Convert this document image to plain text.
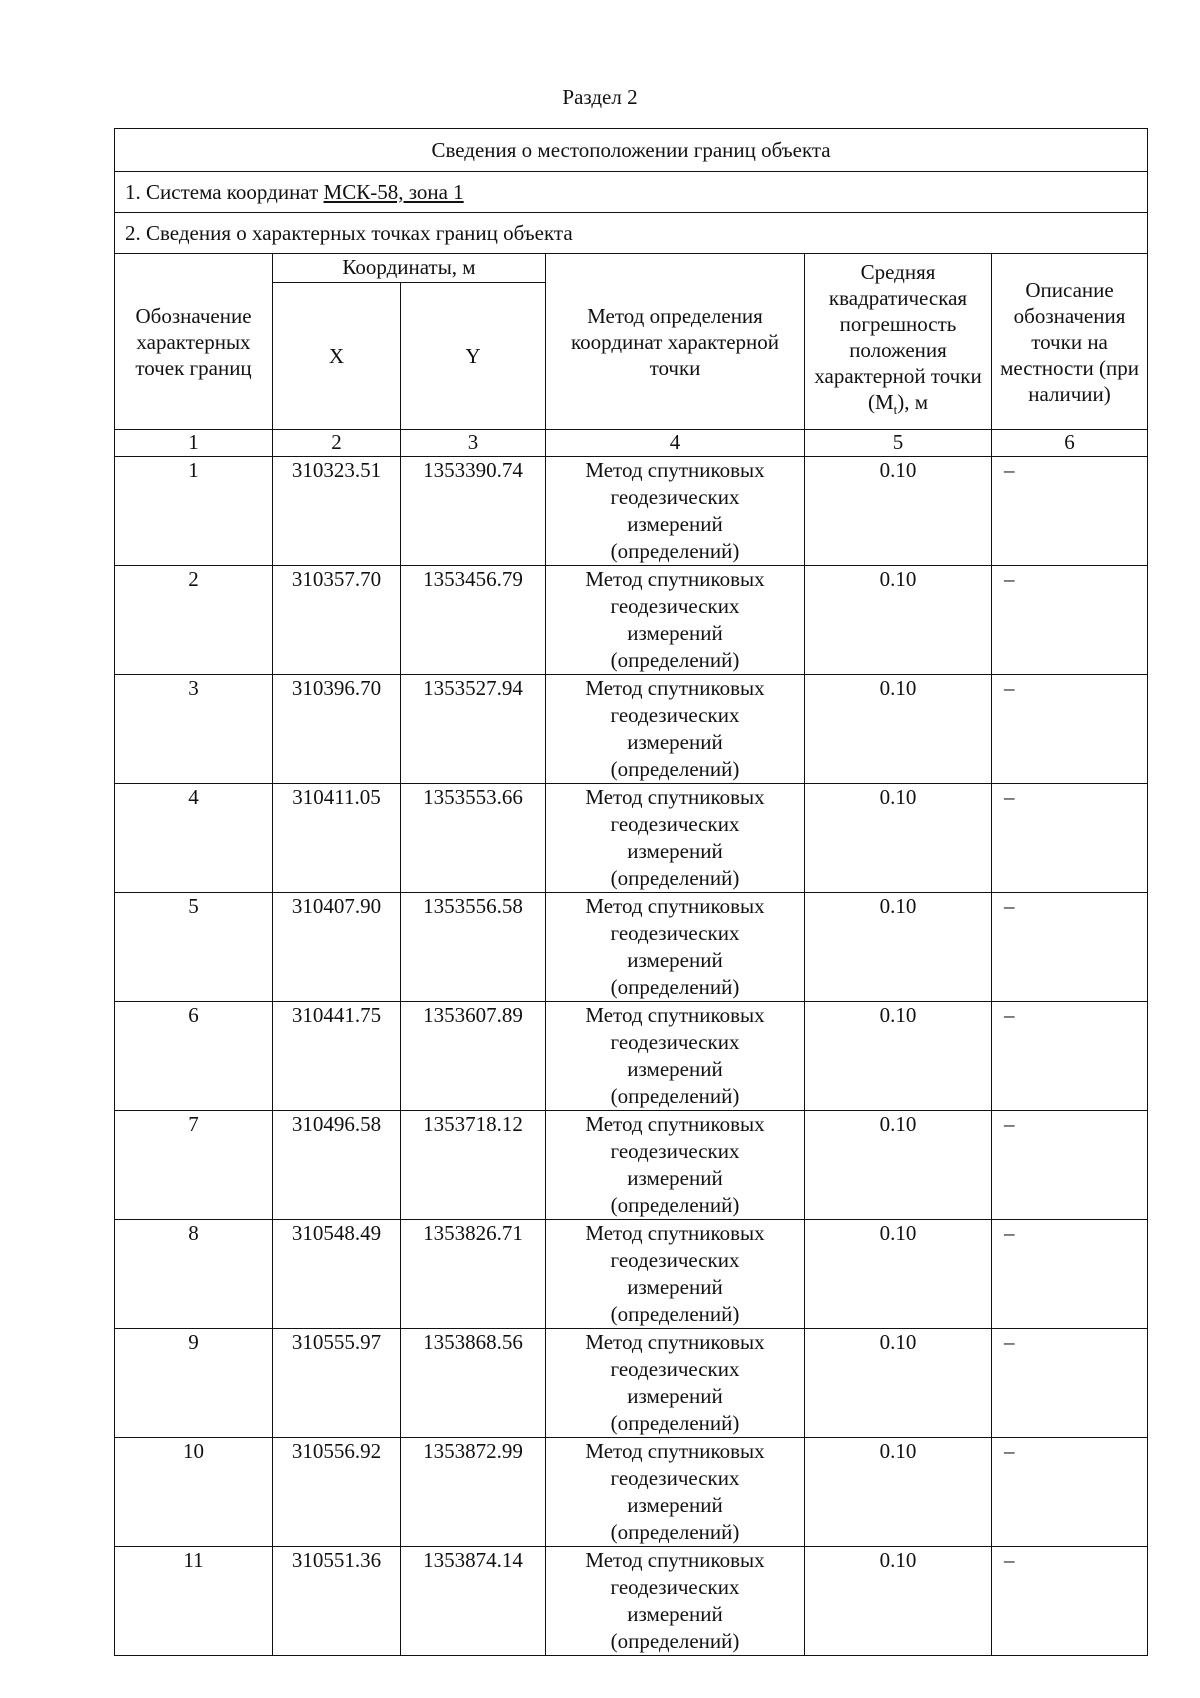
Раздел 2
Сведения о местоположении границ объекта					
1. Система координат МСК-58, зона 1					
2. Сведения о характерных точках границ объекта					
Обозначение характерных точек границ	Координаты, м		Метод определения координат характерной точки	Средняя квадратическая погрешность положения характерной точки $(M_t)$, м	Описание обозначения точки на местности (при наличии)
	X	Y			
1	2	3	4	5	6
1	310323.51	1353390.74	Метод спутниковых
геодезических
измерений
(определений)	0.10	–
2	310357.70	1353456.79	Метод спутниковых
геодезических
измерений
(определений)	0.10	–
3	310396.70	1353527.94	Метод спутниковых
геодезических
измерений
(определений)	0.10	–
4	310411.05	1353553.66	Метод спутниковых
геодезических
измерений
(определений)	0.10	–
5	310407.90	1353556.58	Метод спутниковых
геодезических
измерений
(определений)	0.10	–
6	310441.75	1353607.89	Метод спутниковых
геодезических
измерений
(определений)	0.10	–
7	310496.58	1353718.12	Метод спутниковых
геодезических
измерений
(определений)	0.10	–
8	310548.49	1353826.71	Метод спутниковых
геодезических
измерений
(определений)	0.10	–
9	310555.97	1353868.56	Метод спутниковых
геодезических
измерений
(определений)	0.10	–
10	310556.92	1353872.99	Метод спутниковых
геодезических
измерений
(определений)	0.10	–
11	310551.36	1353874.14	Метод спутниковых
геодезических
измерений
(определений)	0.10	–
